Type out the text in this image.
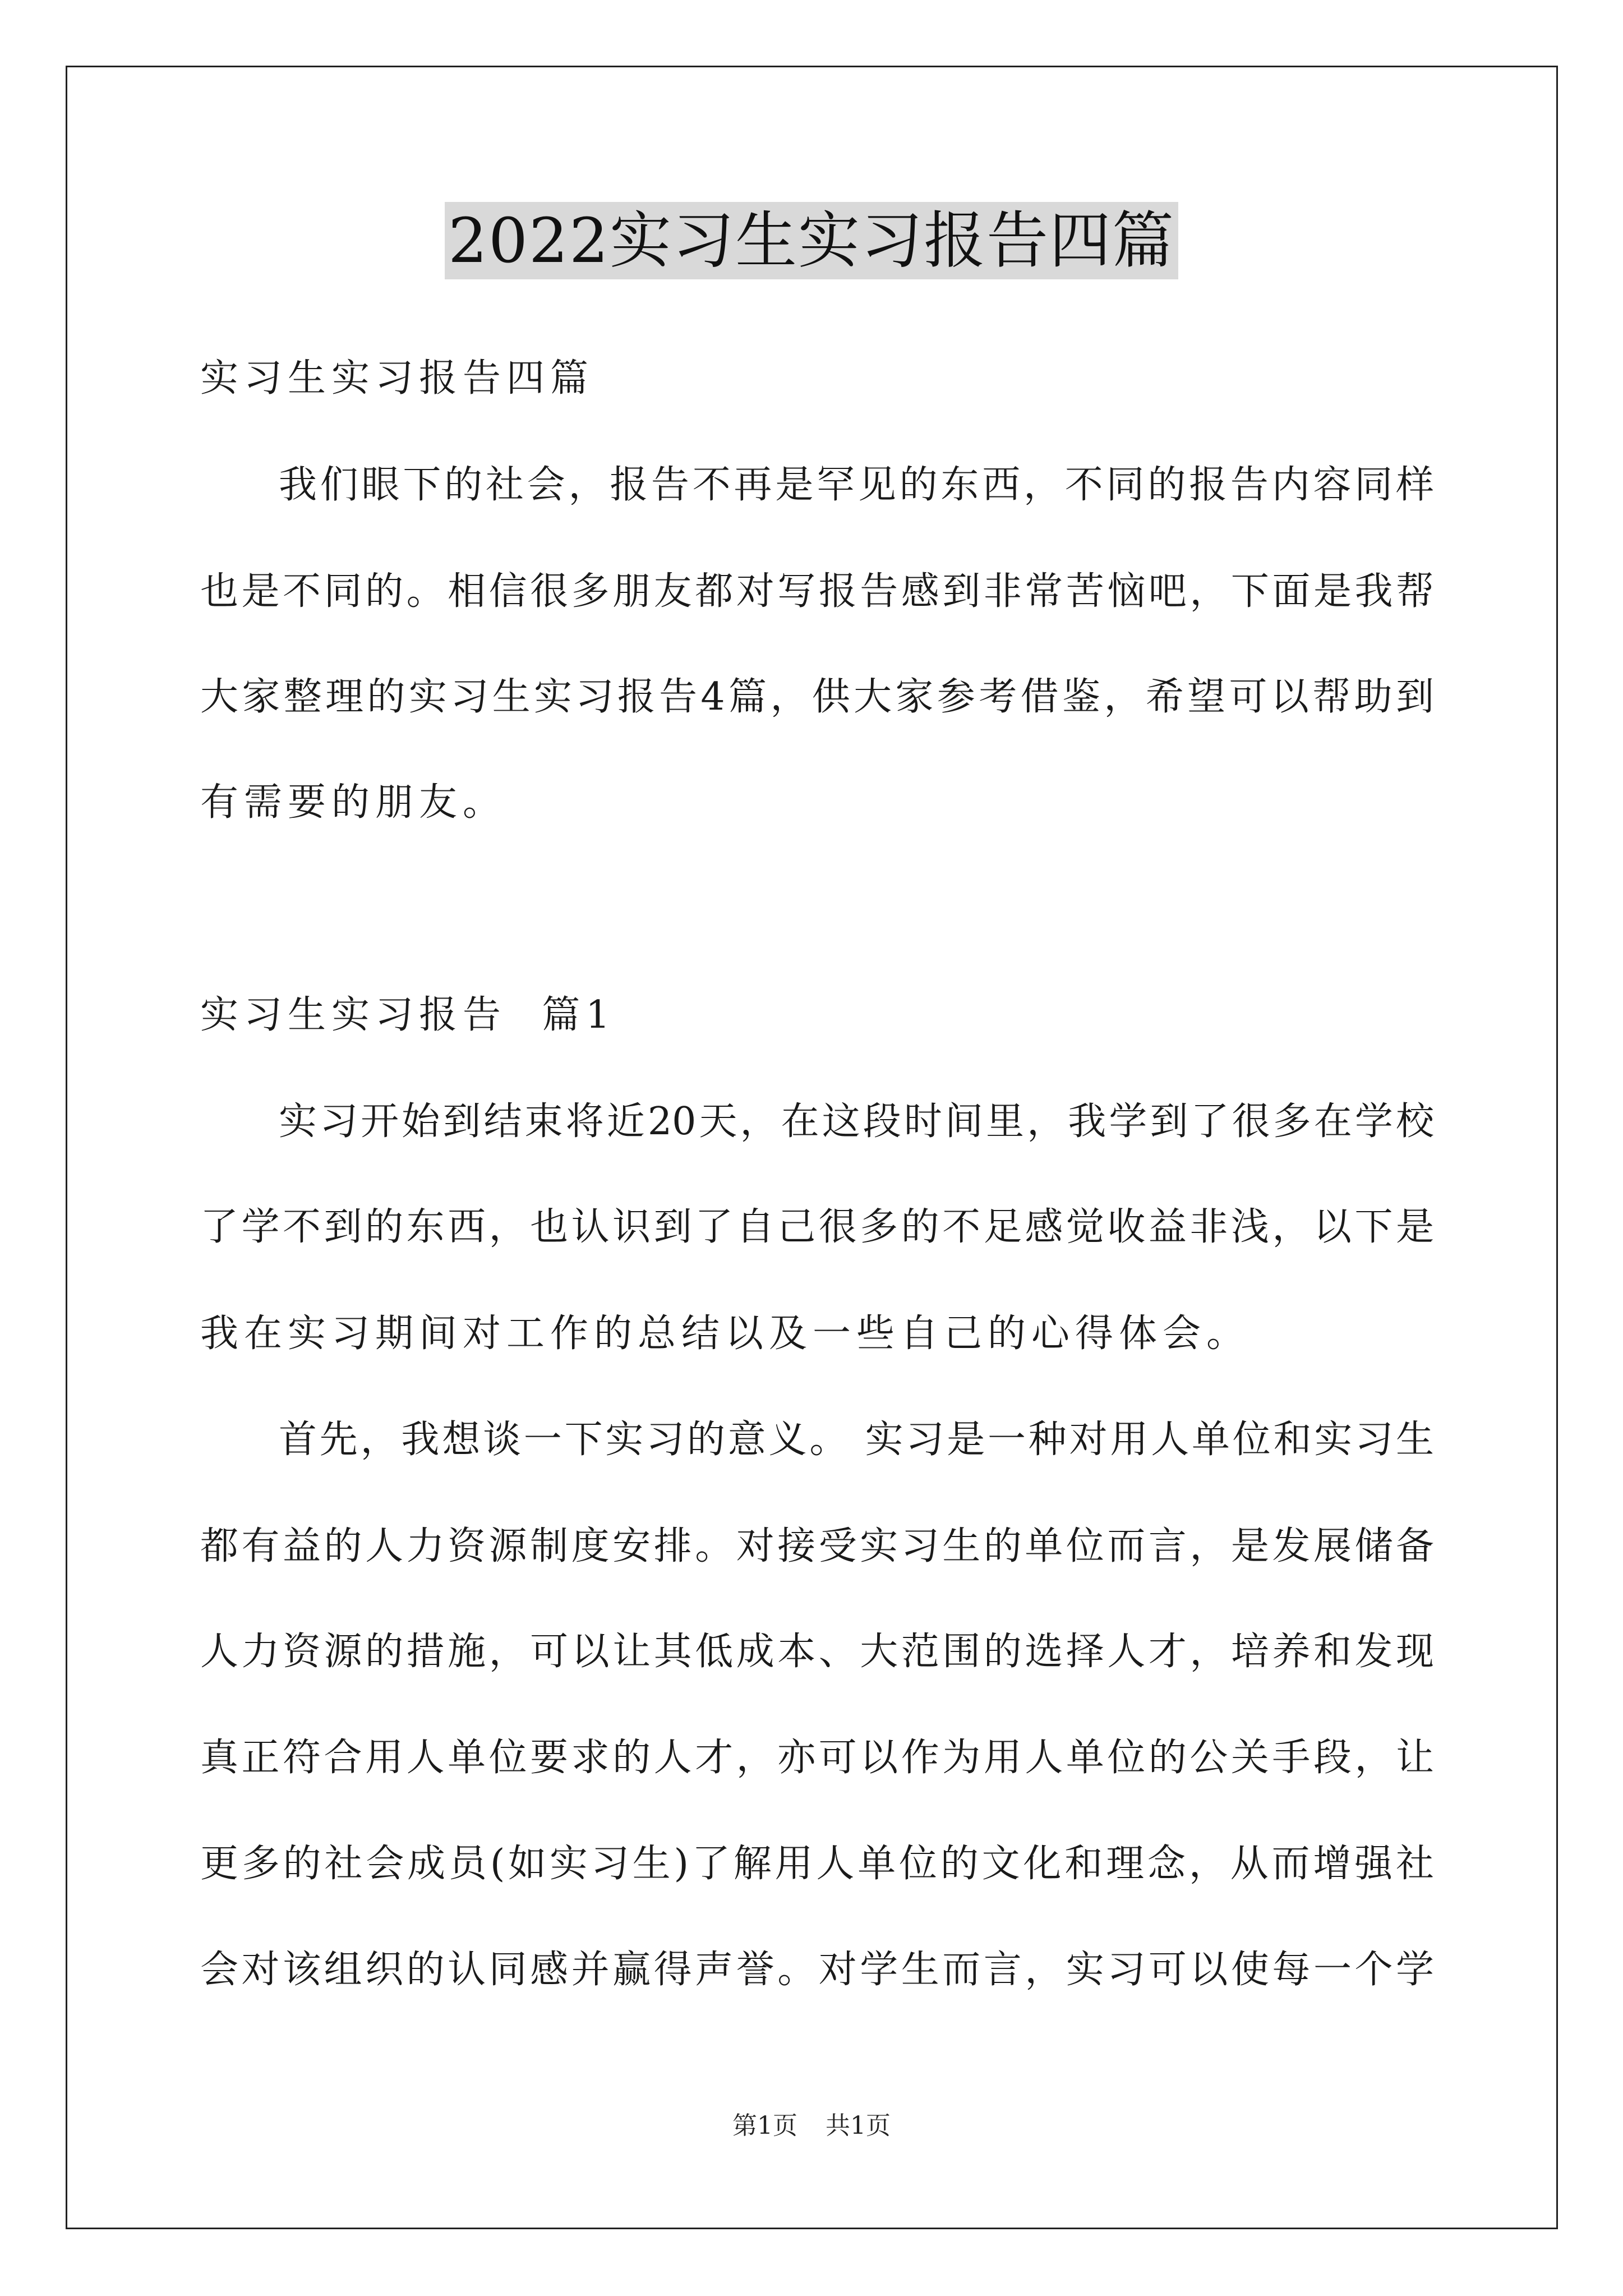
2022实习生实习报告四篇
实习生实习报告四篇
我们眼下的社会，报告不再是罕见的东西，不同的报告内容同样
也是不同的。相信很多朋友都对写报告感到非常苦恼吧，下面是我帮
大家整理的实习生实习报告4篇，供大家参考借鉴，希望可以帮助到
有需要的朋友。
实习生实习报告  篇1
实习开始到结束将近20天，在这段时间里，我学到了很多在学校
了学不到的东西，也认识到了自己很多的不足感觉收益非浅，以下是
我在实习期间对工作的总结以及一些自己的心得体会。
首先，我想谈一下实习的意义。 实习是一种对用人单位和实习生
都有益的人力资源制度安排。对接受实习生的单位而言，是发展储备
人力资源的措施，可以让其低成本、大范围的选择人才，培养和发现
真正符合用人单位要求的人才，亦可以作为用人单位的公关手段，让
更多的社会成员(如实习生)了解用人单位的文化和理念，从而增强社
会对该组织的认同感并赢得声誉。对学生而言，实习可以使每一个学
第1页 共1页
